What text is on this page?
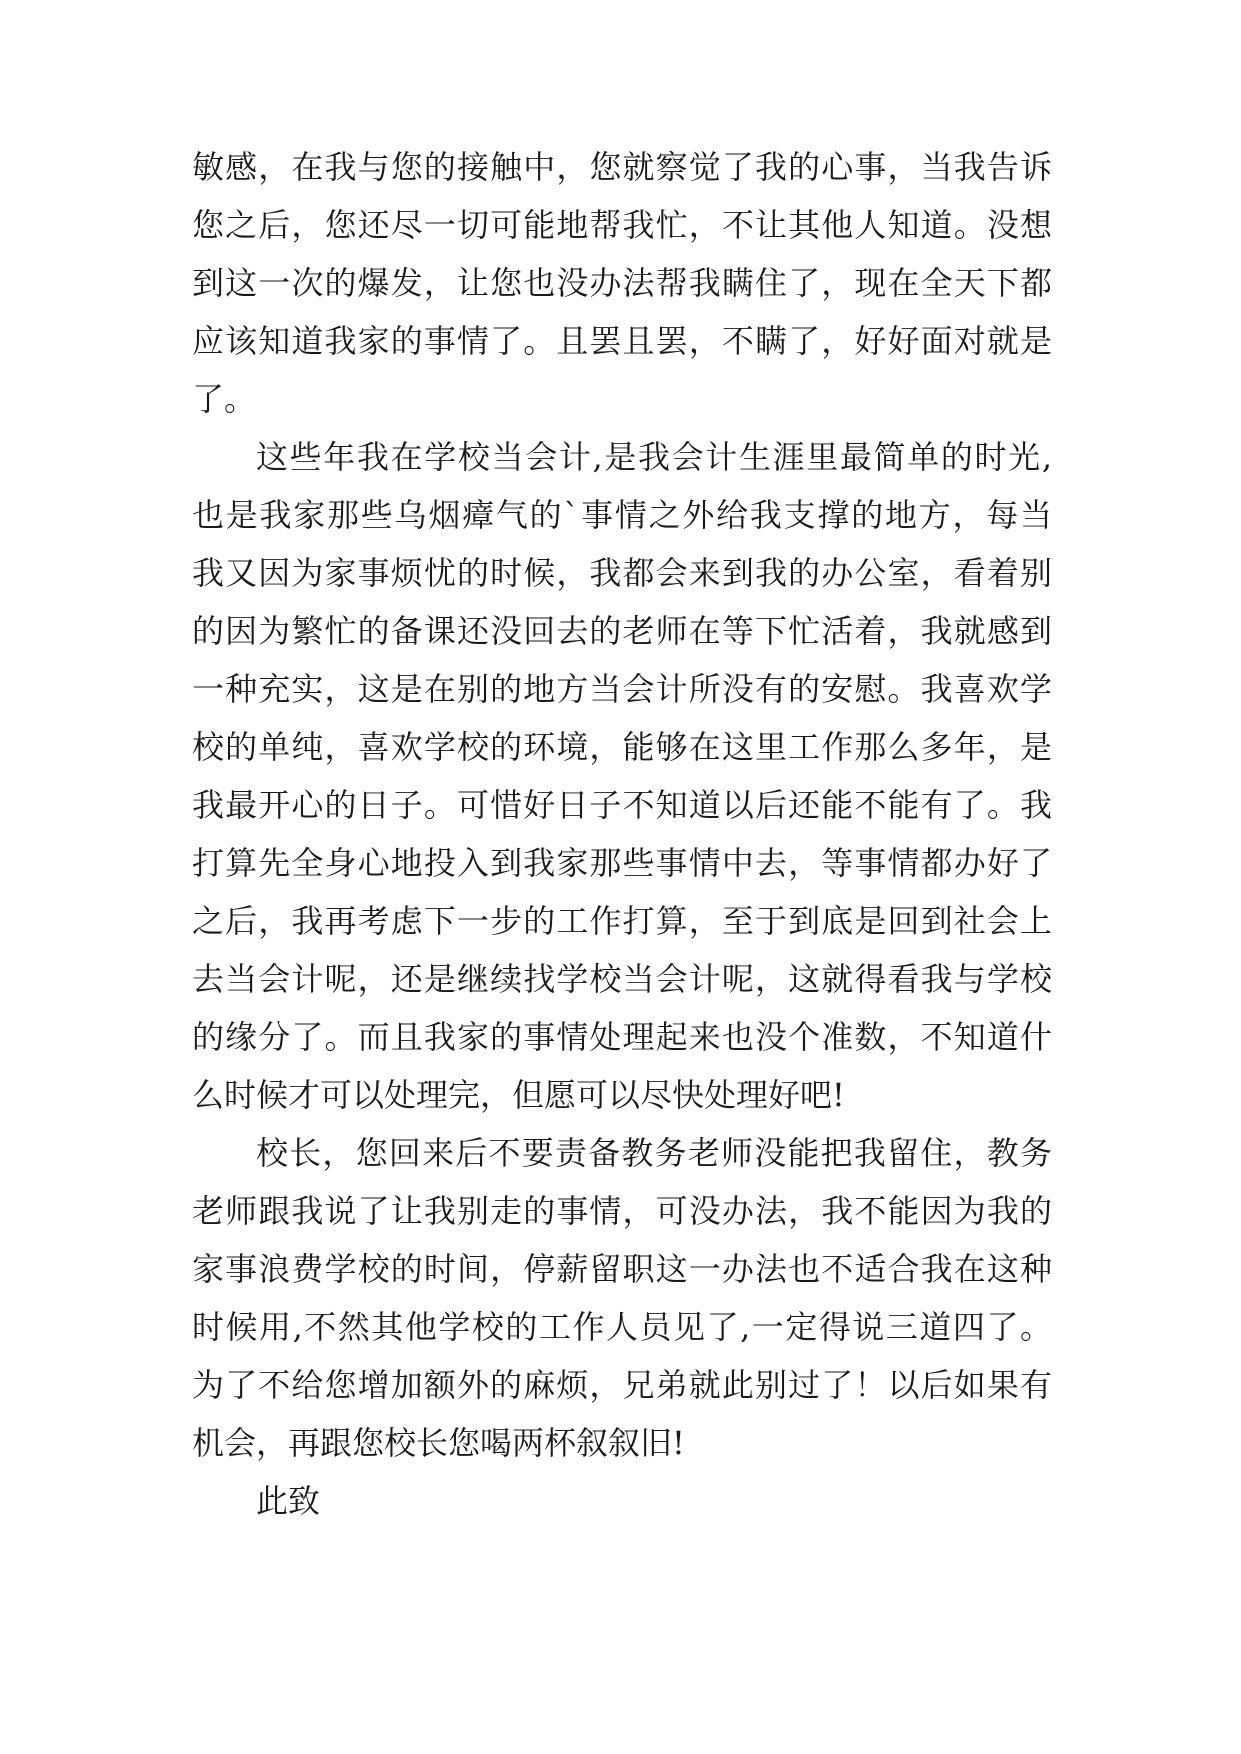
敏感，在我与您的接触中，您就察觉了我的心事，当我告诉
您之后，您还尽一切可能地帮我忙，不让其他人知道。没想
到这一次的爆发，让您也没办法帮我瞒住了，现在全天下都
应该知道我家的事情了。且罢且罢，不瞒了，好好面对就是
了。
这些年我在学校当会计,是我会计生涯里最简单的时光,
也是我家那些乌烟瘴气的`事情之外给我支撑的地方，每当
我又因为家事烦忧的时候，我都会来到我的办公室，看着别
的因为繁忙的备课还没回去的老师在等下忙活着，我就感到
一种充实，这是在别的地方当会计所没有的安慰。我喜欢学
校的单纯，喜欢学校的环境，能够在这里工作那么多年，是
我最开心的日子。可惜好日子不知道以后还能不能有了。我
打算先全身心地投入到我家那些事情中去，等事情都办好了
之后，我再考虑下一步的工作打算，至于到底是回到社会上
去当会计呢，还是继续找学校当会计呢，这就得看我与学校
的缘分了。而且我家的事情处理起来也没个准数，不知道什
么时候才可以处理完，但愿可以尽快处理好吧!
校长，您回来后不要责备教务老师没能把我留住，教务
老师跟我说了让我别走的事情，可没办法，我不能因为我的
家事浪费学校的时间，停薪留职这一办法也不适合我在这种
时候用,不然其他学校的工作人员见了,一定得说三道四了。
为了不给您增加额外的麻烦，兄弟就此别过了！以后如果有
机会，再跟您校长您喝两杯叙叙旧!
此致
